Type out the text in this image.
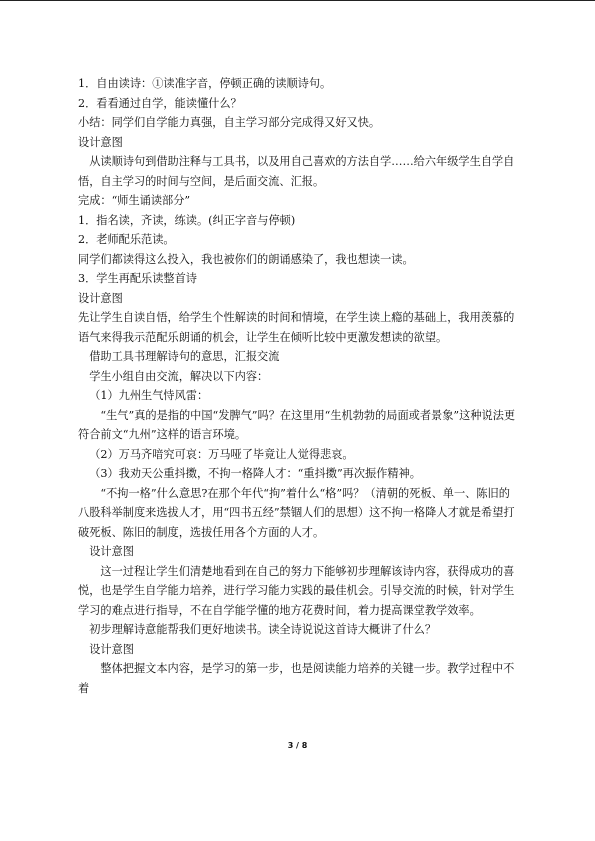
1．自由读诗：①读准字音，停顿正确的读顺诗句。

2．看看通过自学，能读懂什么？

小结：同学们自学能力真强，自主学习部分完成得又好又快。

设计意图

从读顺诗句到借助注释与工具书，以及用自己喜欢的方法自学……给六年级学生自学自悟，自主学习的时间与空间，是后面交流、汇报。

完成：“师生诵读部分”

1．指名读，齐读，练读。(纠正字音与停顿)

2．老师配乐范读。

同学们都读得这么投入，我也被你们的朗诵感染了，我也想读一读。

3．学生再配乐读整首诗

设计意图

先让学生自读自悟，给学生个性解读的时间和情境，在学生读上瘾的基础上，我用羡慕的语气来得我示范配乐朗诵的机会，让学生在倾听比较中更激发想读的欲望。

借助工具书理解诗句的意思，汇报交流

学生小组自由交流，解决以下内容：

（1）九州生气恃风雷：

“生气”真的是指的中国“发脾气”吗？在这里用“生机勃勃的局面或者景象”这种说法更符合前文“九州”这样的语言环境。

（2）万马齐喑究可哀：万马哑了毕竟让人觉得悲哀。

（3）我劝天公重抖擞，不拘一格降人才：“重抖擞”再次振作精神。

“不拘一格”什么意思?在那个年代“拘”着什么“格”吗？（清朝的死板、单一、陈旧的八股科举制度来选拔人才，用“四书五经”禁锢人们的思想）这不拘一格降人才就是希望打破死板、陈旧的制度，选拔任用各个方面的人才。

设计意图

这一过程让学生们清楚地看到在自己的努力下能够初步理解该诗内容，获得成功的喜悦，也是学生自学能力培养，进行学习能力实践的最佳机会。引导交流的时候，针对学生学习的难点进行指导，不在自学能学懂的地方花费时间，着力提高课堂教学效率。

初步理解诗意能帮我们更好地读书。读全诗说说这首诗大概讲了什么？

设计意图

整体把握文本内容，是学习的第一步，也是阅读能力培养的关键一步。教学过程中不着

3 / 8
